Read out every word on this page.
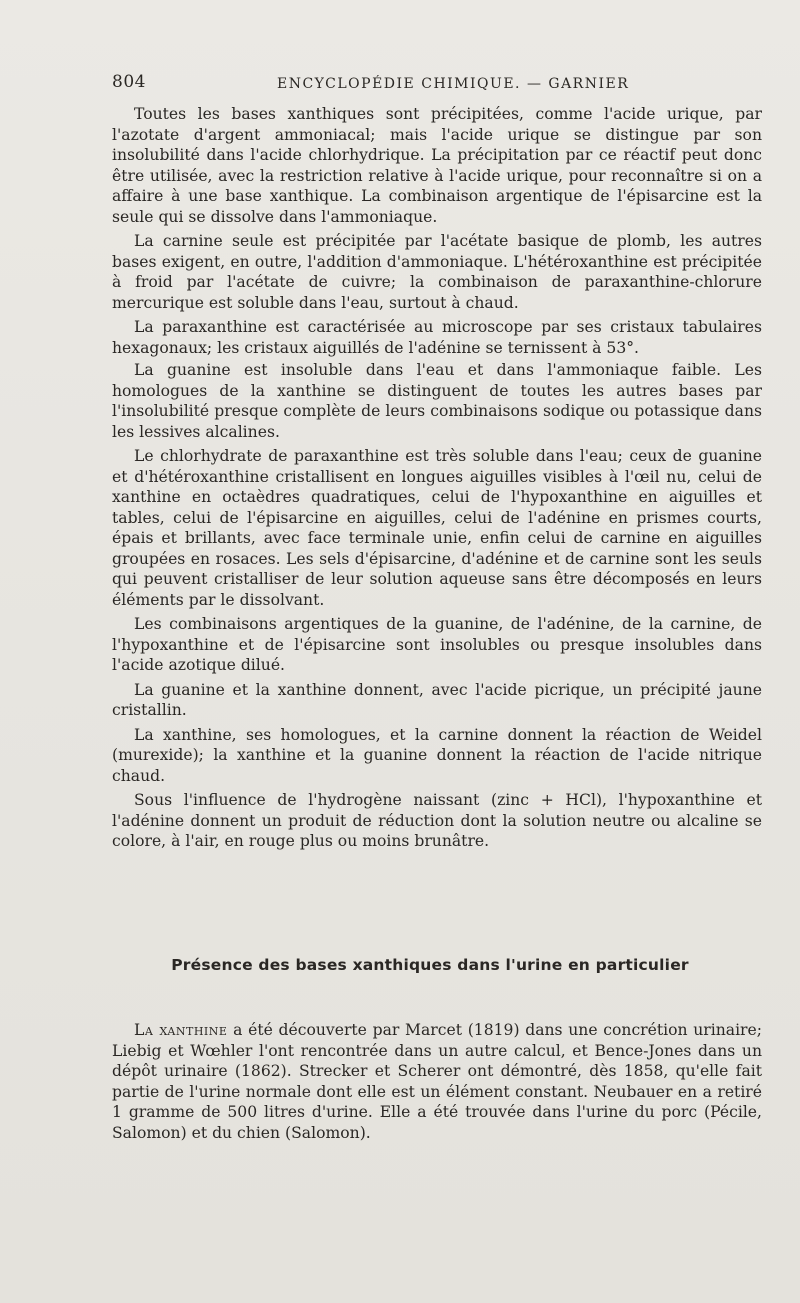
804	ENCYCLOPÉDIE CHIMIQUE. — GARNIER

Toutes les bases xanthiques sont précipitées, comme l'acide urique, par l'azotate d'argent ammoniacal; mais l'acide urique se distingue par son insolubilité dans l'acide chlorhydrique. La précipitation par ce réactif peut donc être utilisée, avec la restriction relative à l'acide urique, pour reconnaître si on a affaire à une base xanthique. La combinaison argentique de l'épisarcine est la seule qui se dissolve dans l'ammoniaque.

La carnine seule est précipitée par l'acétate basique de plomb, les autres bases exigent, en outre, l'addition d'ammoniaque. L'hétéroxanthine est précipitée à froid par l'acétate de cuivre; la combinaison de paraxanthine-chlorure mercurique est soluble dans l'eau, surtout à chaud.

La paraxanthine est caractérisée au microscope par ses cristaux tabulaires hexagonaux; les cristaux aiguillés de l'adénine se ternissent à 53°.

La guanine est insoluble dans l'eau et dans l'ammoniaque faible. Les homologues de la xanthine se distinguent de toutes les autres bases par l'insolubilité presque complète de leurs combinaisons sodique ou potassique dans les lessives alcalines.

Le chlorhydrate de paraxanthine est très soluble dans l'eau; ceux de guanine et d'hétéroxanthine cristallisent en longues aiguilles visibles à l'œil nu, celui de xanthine en octaèdres quadratiques, celui de l'hypoxanthine en aiguilles et tables, celui de l'épisarcine en aiguilles, celui de l'adénine en prismes courts, épais et brillants, avec face terminale unie, enfin celui de carnine en aiguilles groupées en rosaces. Les sels d'épisarcine, d'adénine et de carnine sont les seuls qui peuvent cristalliser de leur solution aqueuse sans être décomposés en leurs éléments par le dissolvant.

Les combinaisons argentiques de la guanine, de l'adénine, de la carnine, de l'hypoxanthine et de l'épisarcine sont insolubles ou presque insolubles dans l'acide azotique dilué.

La guanine et la xanthine donnent, avec l'acide picrique, un précipité jaune cristallin.

La xanthine, ses homologues, et la carnine donnent la réaction de Weidel (murexide); la xanthine et la guanine donnent la réaction de l'acide nitrique chaud.

Sous l'influence de l'hydrogène naissant (zinc + HCl), l'hypoxanthine et l'adénine donnent un produit de réduction dont la solution neutre ou alcaline se colore, à l'air, en rouge plus ou moins brunâtre.

Présence des bases xanthiques dans l'urine en particulier

La xanthine a été découverte par Marcet (1819) dans une concrétion urinaire; Liebig et Wœhler l'ont rencontrée dans un autre calcul, et Bence-Jones dans un dépôt urinaire (1862). Strecker et Scherer ont démontré, dès 1858, qu'elle fait partie de l'urine normale dont elle est un élément constant. Neubauer en a retiré 1 gramme de 500 litres d'urine. Elle a été trouvée dans l'urine du porc (Pécile, Salomon) et du chien (Salomon).
